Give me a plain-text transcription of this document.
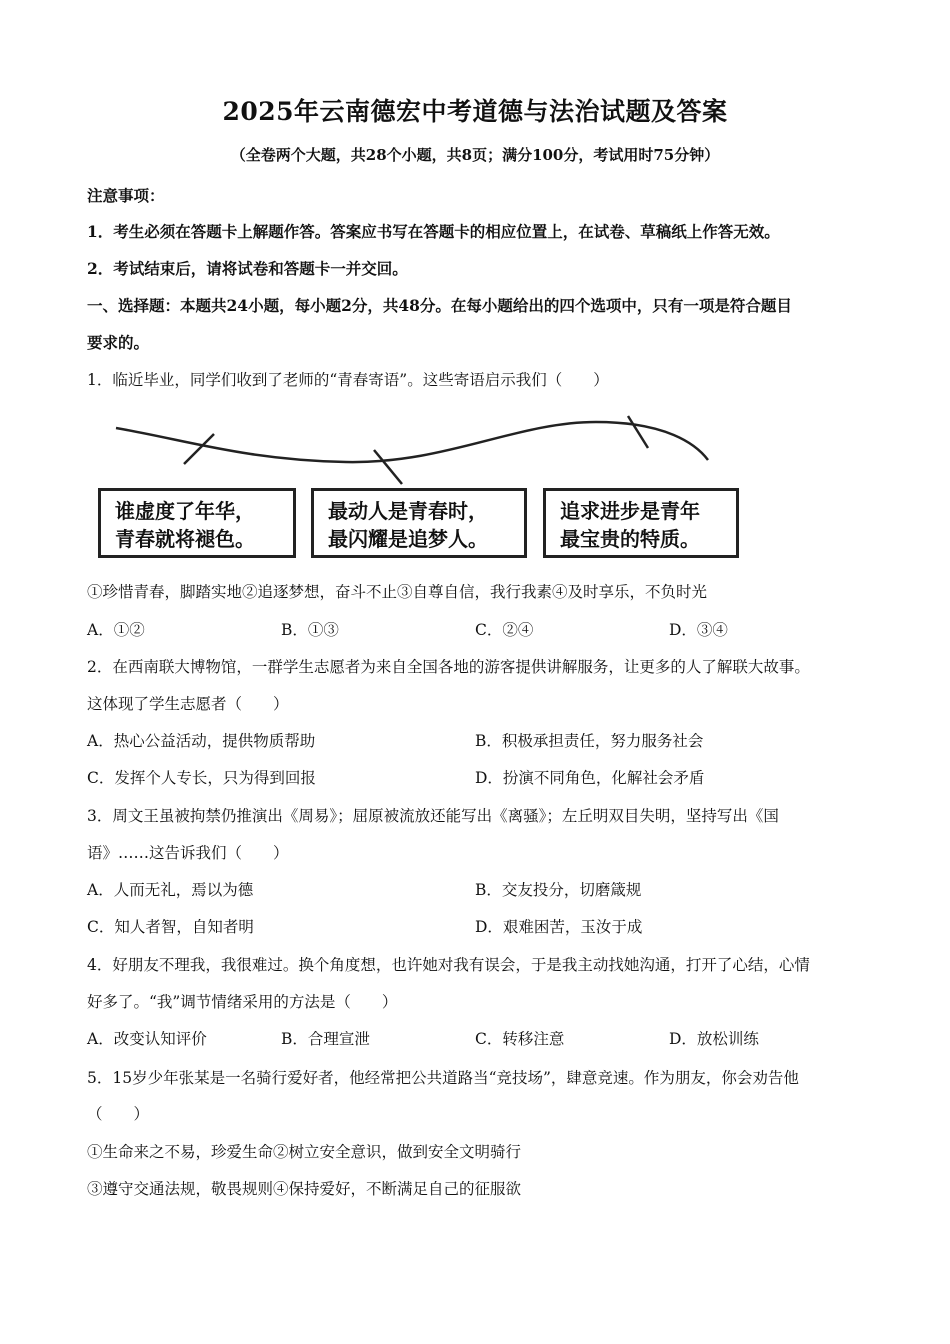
2025年云南德宏中考道德与法治试题及答案
（全卷两个大题，共28个小题，共8页；满分100分，考试用时75分钟）
注意事项：
1．考生必须在答题卡上解题作答。答案应书写在答题卡的相应位置上，在试卷、草稿纸上作答无效。
2．考试结束后，请将试卷和答题卡一并交回。
一、选择题：本题共24小题，每小题2分，共48分。在每小题给出的四个选项中，只有一项是符合题目
要求的。
1．临近毕业，同学们收到了老师的“青春寄语”。这些寄语启示我们（　　）
谁虚度了年华，
青春就将褪色。
最动人是青春时，
最闪耀是追梦人。
追求进步是青年
最宝贵的特质。
①珍惜青春，脚踏实地②追逐梦想，奋斗不止③自尊自信，我行我素④及时享乐，不负时光
A．①②	B．①③	C．②④	D．③④
2．在西南联大博物馆，一群学生志愿者为来自全国各地的游客提供讲解服务，让更多的人了解联大故事。
这体现了学生志愿者（　　）
A．热心公益活动，提供物质帮助	B．积极承担责任，努力服务社会
C．发挥个人专长，只为得到回报	D．扮演不同角色，化解社会矛盾
3．周文王虽被拘禁仍推演出《周易》；屈原被流放还能写出《离骚》；左丘明双目失明，坚持写出《国
语》……这告诉我们（　　）
A．人而无礼，焉以为德	B．交友投分，切磨箴规
C．知人者智，自知者明	D．艰难困苦，玉汝于成
4．好朋友不理我，我很难过。换个角度想，也许她对我有误会，于是我主动找她沟通，打开了心结，心情
好多了。“我”调节情绪采用的方法是（　　）
A．改变认知评价	B．合理宣泄	C．转移注意	D．放松训练
5．15岁少年张某是一名骑行爱好者，他经常把公共道路当“竞技场”，肆意竞速。作为朋友，你会劝告他
（　　）
①生命来之不易，珍爱生命②树立安全意识，做到安全文明骑行
③遵守交通法规，敬畏规则④保持爱好，不断满足自己的征服欲
